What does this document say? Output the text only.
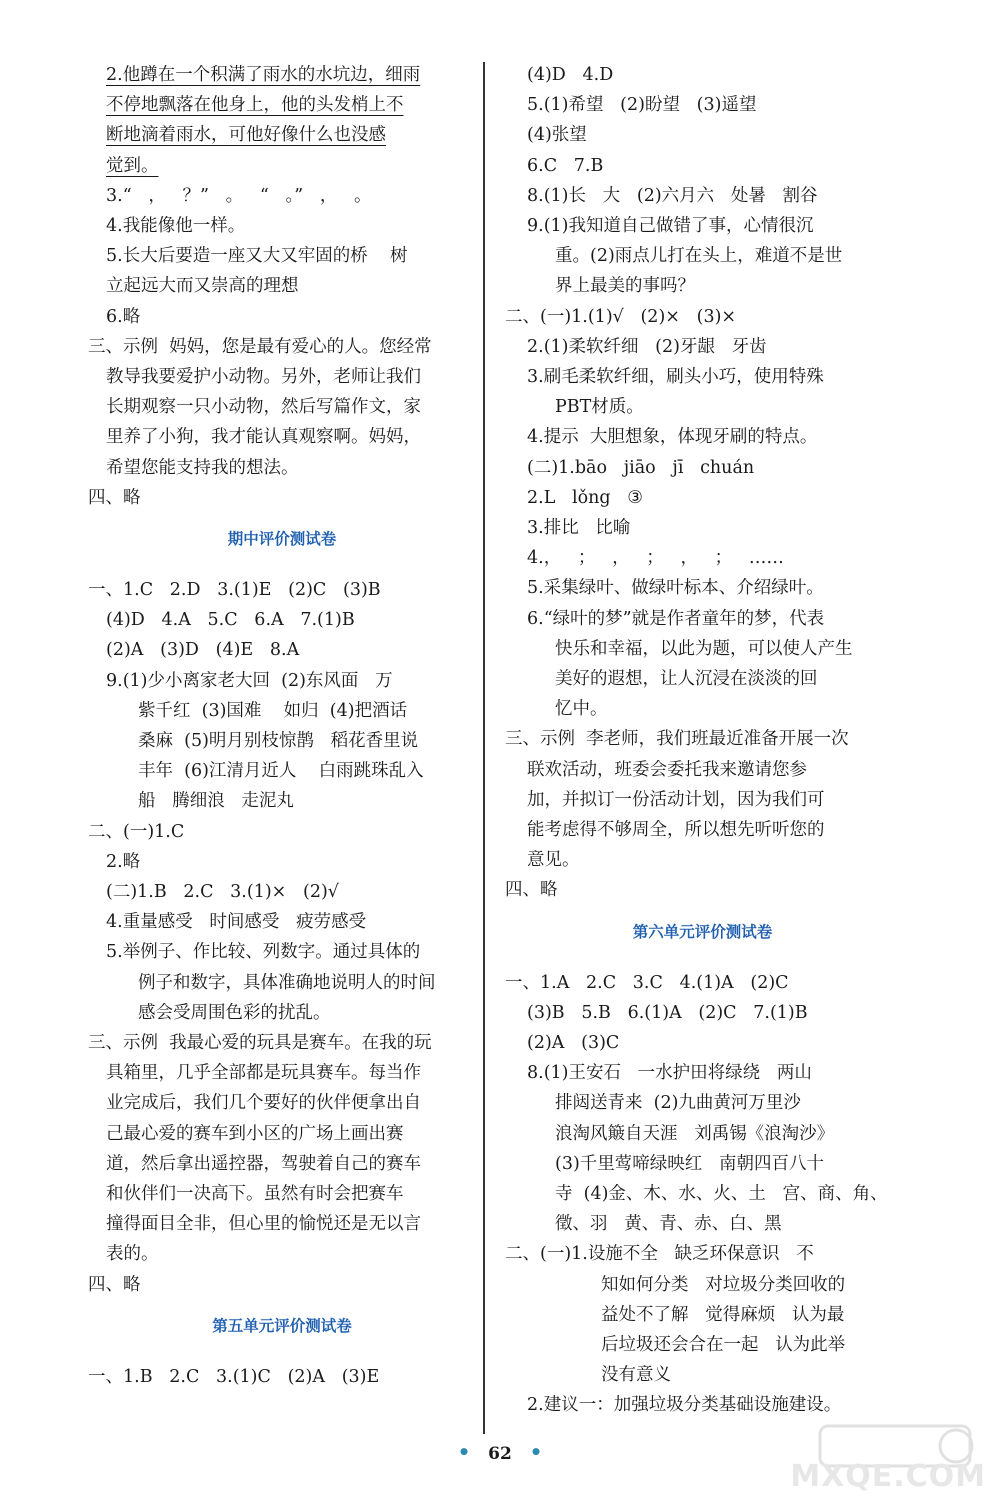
2.他蹲在一个积满了雨水的水坑边，细雨
不停地飘落在他身上，他的头发梢上不
断地滴着雨水，可他好像什么也没感
觉到。
3.“   ，   ？”   。   “   。”   ，   。
4.我能像他一样。
5.长大后要造一座又大又牢固的桥    树
立起远大而又崇高的理想
6.略
三、示例  妈妈，您是最有爱心的人。您经常
教导我要爱护小动物。另外，老师让我们
长期观察一只小动物，然后写篇作文，家
里养了小狗，我才能认真观察啊。妈妈，
希望您能支持我的想法。
四、略
期中评价测试卷
一、1.C   2.D   3.(1)E   (2)C   (3)B
(4)D   4.A   5.C   6.A   7.(1)B
(2)A   (3)D   (4)E   8.A
9.(1)少小离家老大回  (2)东风面   万
紫千红  (3)国难    如归  (4)把酒话
桑麻  (5)明月别枝惊鹊   稻花香里说
丰年  (6)江清月近人    白雨跳珠乱入
船   腾细浪   走泥丸
二、(一)1.C
2.略
(二)1.B   2.C   3.(1)×   (2)√
4.重量感受   时间感受   疲劳感受
5.举例子、作比较、列数字。通过具体的
例子和数字，具体准确地说明人的时间
感会受周围色彩的扰乱。
三、示例  我最心爱的玩具是赛车。在我的玩
具箱里，几乎全部都是玩具赛车。每当作
业完成后，我们几个要好的伙伴便拿出自
己最心爱的赛车到小区的广场上画出赛
道，然后拿出遥控器，驾驶着自己的赛车
和伙伴们一决高下。虽然有时会把赛车
撞得面目全非，但心里的愉悦还是无以言
表的。
四、略
第五单元评价测试卷
一、1.B   2.C   3.(1)C   (2)A   (3)E
(4)D   4.D
5.(1)希望   (2)盼望   (3)遥望
(4)张望
6.C   7.B
8.(1)长   大   (2)六月六   处暑   割谷
9.(1)我知道自己做错了事，心情很沉
重。(2)雨点儿打在头上，难道不是世
界上最美的事吗？
二、(一)1.(1)√   (2)×   (3)×
2.(1)柔软纤细   (2)牙龈   牙齿
3.刷毛柔软纤细，刷头小巧，使用特殊
PBT材质。
4.提示  大胆想象，体现牙刷的特点。
(二)1.bāo   jiāo   jī   chuán
2.L   lǒng   ③
3.排比   比喻
4.，   ；   ，   ；   ，   ；   ……
5.采集绿叶、做绿叶标本、介绍绿叶。
6.“绿叶的梦”就是作者童年的梦，代表
快乐和幸福，以此为题，可以使人产生
美好的遐想，让人沉浸在淡淡的回
忆中。
三、示例  李老师，我们班最近准备开展一次
联欢活动，班委会委托我来邀请您参
加，并拟订一份活动计划，因为我们可
能考虑得不够周全，所以想先听听您的
意见。
四、略
第六单元评价测试卷
一、1.A   2.C   3.C   4.(1)A   (2)C
(3)B   5.B   6.(1)A   (2)C   7.(1)B
(2)A   (3)C
8.(1)王安石   一水护田将绿绕   两山
排闼送青来  (2)九曲黄河万里沙
浪淘风簸自天涯   刘禹锡《浪淘沙》
(3)千里莺啼绿映红   南朝四百八十
寺  (4)金、木、水、火、土   宫、商、角、
徵、羽   黄、青、赤、白、黑
二、(一)1.设施不全   缺乏环保意识   不
知如何分类   对垃圾分类回收的
益处不了解   觉得麻烦   认为最
后垃圾还会合在一起   认为此举
没有意义
2.建议一：加强垃圾分类基础设施建设。
• 62 •
MXQE.COM
